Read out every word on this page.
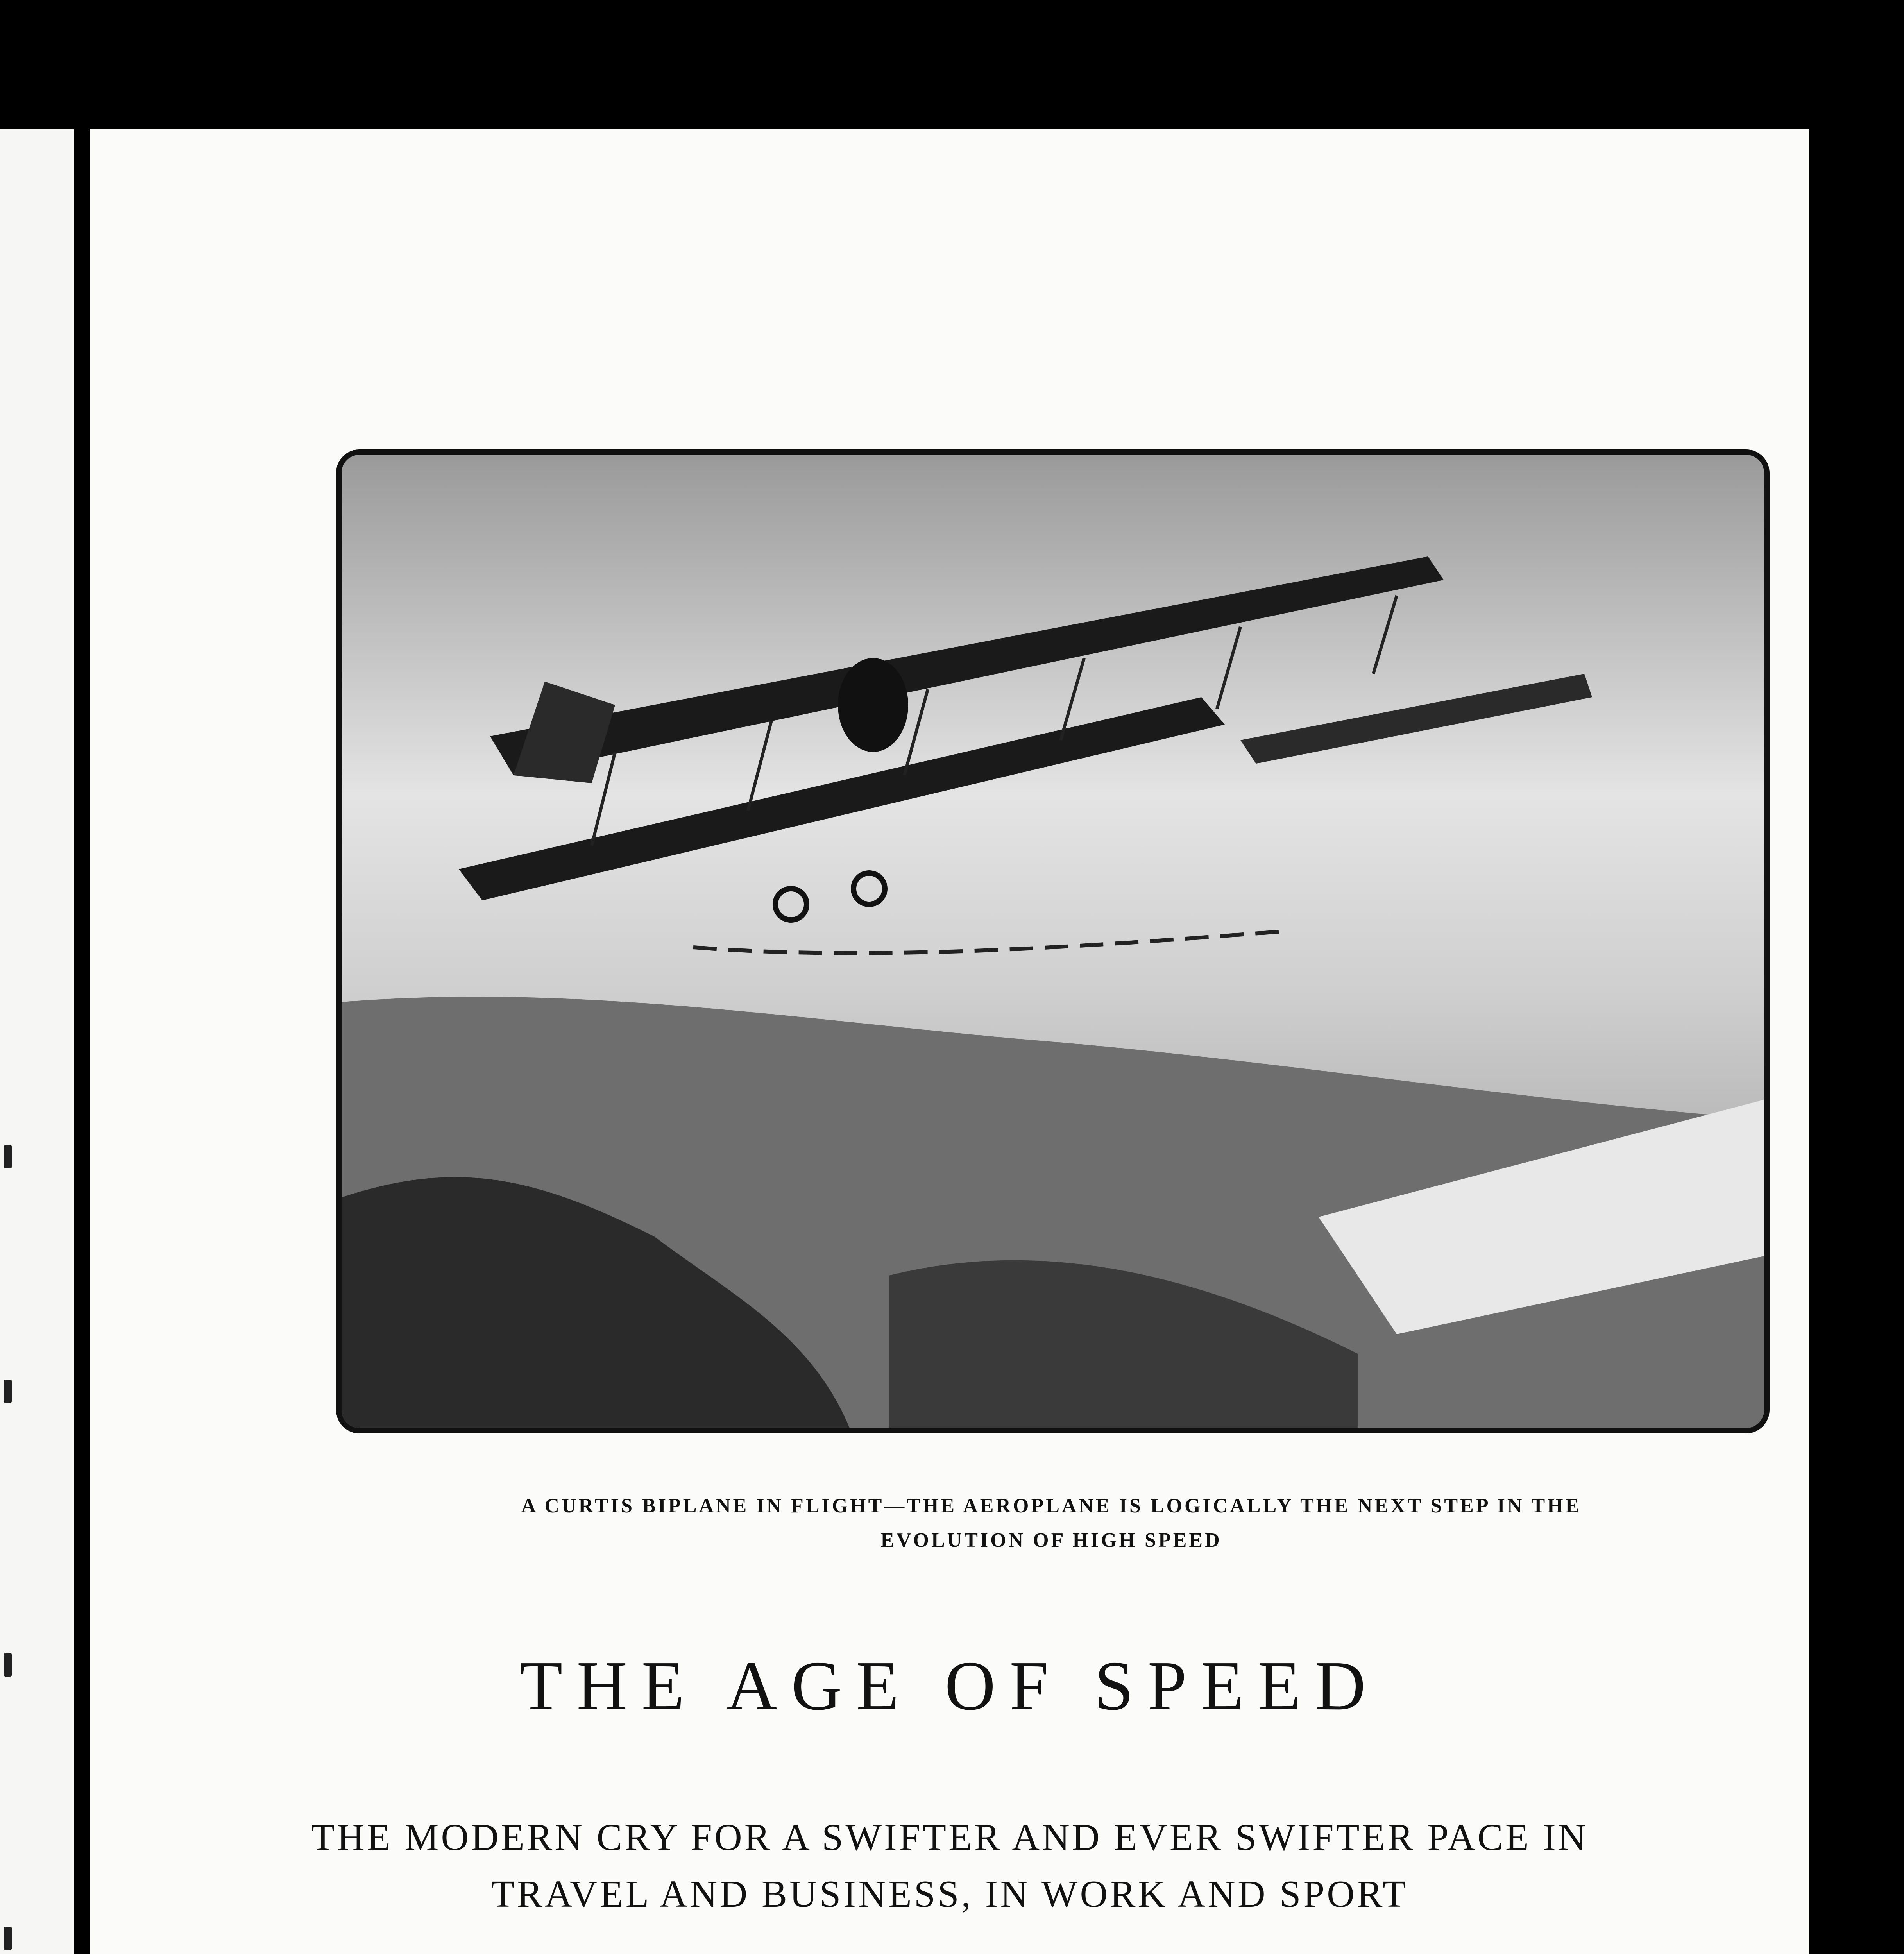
A CURTIS BIPLANE IN FLIGHT—THE AEROPLANE IS LOGICALLY THE NEXT STEP IN THE
EVOLUTION OF HIGH SPEED
THE AGE OF SPEED
THE MODERN CRY FOR A SWIFTER AND EVER SWIFTER PACE IN
TRAVEL AND BUSINESS, IN WORK AND SPORT
